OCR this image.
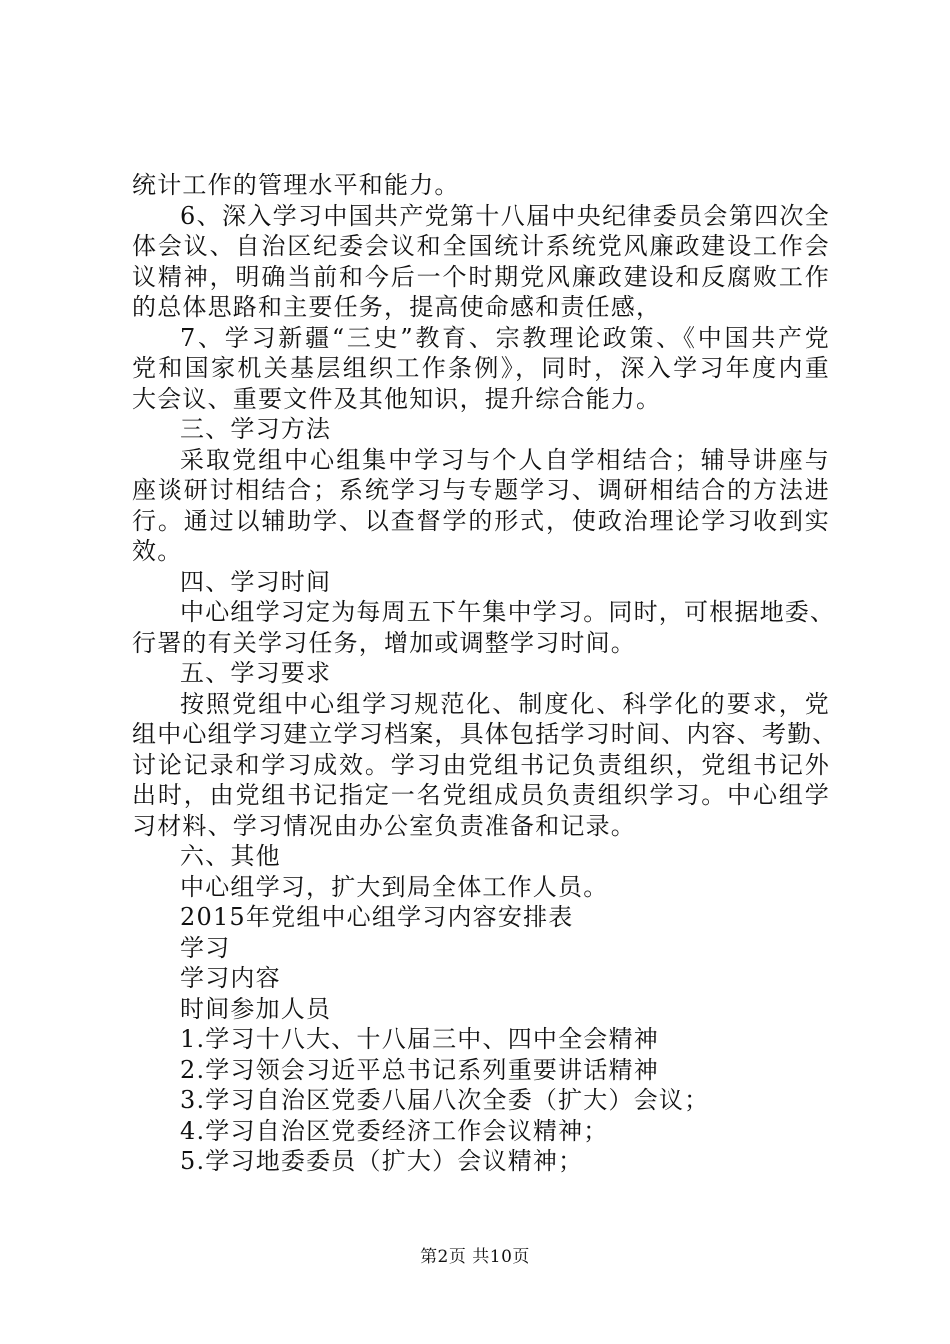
统计工作的管理水平和能力。
6、深入学习中国共产党第十八届中央纪律委员会第四次全
体会议、自治区纪委会议和全国统计系统党风廉政建设工作会
议精神，明确当前和今后一个时期党风廉政建设和反腐败工作
的总体思路和主要任务，提高使命感和责任感，
7、学习新疆“三史”教育、宗教理论政策、《中国共产党
党和国家机关基层组织工作条例》，同时，深入学习年度内重
大会议、重要文件及其他知识，提升综合能力。
三、学习方法
采取党组中心组集中学习与个人自学相结合；辅导讲座与
座谈研讨相结合；系统学习与专题学习、调研相结合的方法进
行。通过以辅助学、以查督学的形式，使政治理论学习收到实
效。
四、学习时间
中心组学习定为每周五下午集中学习。同时，可根据地委、
行署的有关学习任务，增加或调整学习时间。
五、学习要求
按照党组中心组学习规范化、制度化、科学化的要求，党
组中心组学习建立学习档案，具体包括学习时间、内容、考勤、
讨论记录和学习成效。学习由党组书记负责组织，党组书记外
出时，由党组书记指定一名党组成员负责组织学习。中心组学
习材料、学习情况由办公室负责准备和记录。
六、其他
中心组学习，扩大到局全体工作人员。
2015年党组中心组学习内容安排表
学习
学习内容
时间参加人员
1.学习十八大、十八届三中、四中全会精神
2.学习领会习近平总书记系列重要讲话精神
3.学习自治区党委八届八次全委（扩大）会议；
4.学习自治区党委经济工作会议精神；
5.学习地委委员（扩大）会议精神；
第2页 共10页
